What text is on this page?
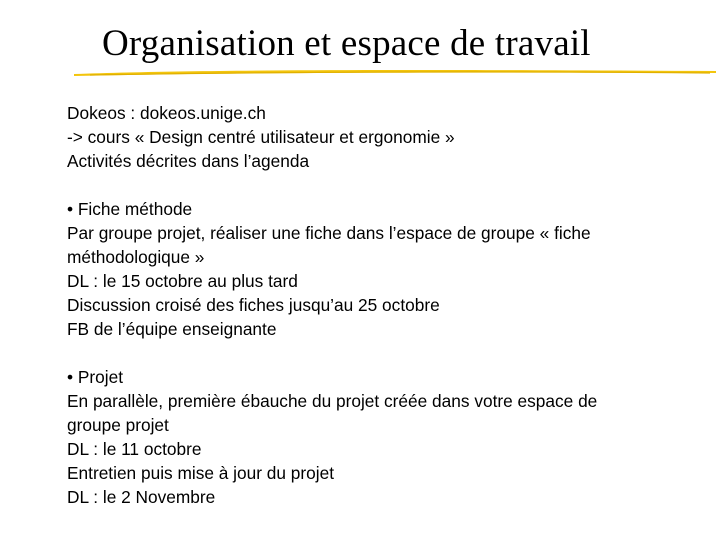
Organisation et espace de travail
Dokeos : dokeos.unige.ch
-> cours « Design centré utilisateur et ergonomie »
Activités décrites dans l’agenda
• Fiche méthode
Par groupe projet, réaliser une fiche dans l’espace de groupe « fiche
méthodologique »
DL : le 15 octobre au plus tard
Discussion croisé des fiches jusqu’au 25 octobre
FB de l’équipe enseignante
• Projet
En parallèle, première ébauche du projet créée dans votre espace de
groupe projet
DL : le 11 octobre
Entretien puis mise à jour du projet
DL : le 2 Novembre
